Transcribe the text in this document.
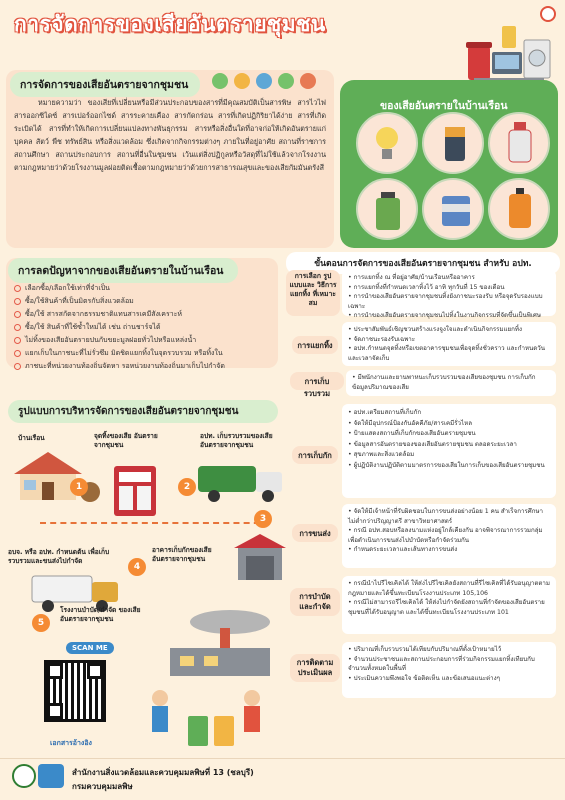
การจัดการของเสียอันตรายชุมชน
การจัดการของเสียอันตรายจากชุมชน
หมายความว่า ของเสียที่เปลี่ยนหรือมีส่วนประกอบของสารที่มีคุณสมบัติเป็นสารพิษ สารไวไฟ สารออกซิไดซ์ สารเปอร์ออกไซด์ สารระคายเคือง สารกัดกร่อน สารที่เกิดปฏิกิริยาได้ง่าย สารที่เกิดระเบิดได้ สารที่ทำให้เกิดการเปลี่ยนแปลงทางพันธุกรรม สารหรือสิ่งอื่นใดที่อาจก่อให้เกิดอันตรายแก่บุคคล สัตว์ พืช ทรัพย์สิน หรือสิ่งแวดล้อม ซึ่งเกิดจากกิจกรรมต่างๆ ภายในที่อยู่อาศัย สถานที่ราชการ สถานศึกษา สถานประกอบการ สถานที่อื่นในชุมชน เว้นแต่สิ่งปฏิกูลหรือวัสดุที่ไม่ใช้แล้วจากโรงงานตามกฎหมายว่าด้วยโรงงานมูลฝอยติดเชื้อตามกฎหมายว่าด้วยการสาธารณสุขและของเสียกัมมันตรังสี
ของเสียอันตรายในบ้านเรือน
การลดปัญหาจากของเสียอันตรายในบ้านเรือน
เลือกซื้อ/เลือกใช้เท่าที่จำเป็น
ซื้อ/ใช้สินค้าที่เป็นมิตรกับสิ่งแวดล้อม
ซื้อ/ใช้ สารสกัดจากธรรมชาติแทนสารเคมีสังเคราะห์
ซื้อ/ใช้ สินค้าที่ใช้ซ้ำใหม่ได้ เช่น ถ่านชาร์จได้
ไม่ทิ้งของเสียอันตรายปนกับขยะมูลฝอยทั่วไปหรือแหล่งน้ำ
แยกเก็บในภาชนะที่ไม่รั่วซึม มิดชิดแยกทิ้งในจุดรวบรวม หรือทิ้งใน
ภาชนะที่หน่วยงานท้องถิ่นจัดหา รอหน่วยงานท้องถิ่นมาเก็บไปกำจัด
รูปแบบการบริหารจัดการของเสียอันตรายจากชุมชน
บ้านเรือน	จุดทิ้งของเสีย อันตรายจากชุมชน
อปท. เก็บรวบรวมของเสีย อันตรายจากชุมชน
1	2
3
อาคารเก็บกักของเสีย อันตรายจากชุมชน
4
อบจ. หรือ อปท. กำหนดต้น เพื่อเก็บรวบรวมและขนส่งไปกำจัด
5
โรงงานบำบัด/กำจัด ของเสียอันตรายจากชุมชน
SCAN ME
เอกสารอ้างอิง
ขั้นตอนการจัดการของเสียอันตรายจากชุมชน สำหรับ อปท.
การเลือก รูปแบบและ วิธีการแยกทิ้ง ที่เหมาะสม
• การแยกทิ้ง ณ ที่อยู่อาศัย/บ้านเรือนหรืออาคาร
• การแยกทิ้งที่กำหนดเวลาทิ้งไว้ อาทิ ทุกวันที่ 15 ของเดือน
• การนำของเสียอันตรายจากชุมชนทิ้งยังภาชนะรองรับ หรือจุดรับรองแบบเฉพาะ
• การนำของเสียอันตรายจากชุมชนไปทิ้งในงานกิจกรรมที่จัดขึ้นเป็นพิเศษ
การแยกทิ้ง
• ประชาสัมพันธ์เชิญชวนสร้างแรงจูงใจและดำเนินกิจกรรมแยกทิ้ง
• จัดภาชนะรองรับเฉพาะ
• อปท.กำหนดจุดทิ้งหรือเขตอาคารชุมชนเพื่อจุดทิ้งชั่วคราว และกำหนดวันและเวลาจัดเก็บ
การเก็บรวบรวม
• มีพนักงานและยานพาหนะเก็บรวบรวมของเสียของชุมชน การเก็บกักข้อมูลปริมาณของเสีย
การเก็บกัก
• อปท.เตรียมสถานที่เก็บกัก
• จัดให้มีอุปกรณ์ป้องกันอัคคีภัย/สารเคมีรั่วไหล
• ป้ายแสดงสถานที่เก็บกักของเสียอันตรายชุมชน
• ข้อมูลสารอันตรายของของเสียอันตรายชุมชน ตลอดระยะเวลา
• สุขภาพและสิ่งแวดล้อม
• ผู้ปฏิบัติงานปฏิบัติตามมาตรการของเสียในการเก็บของเสียอันตรายชุมชน
การขนส่ง
• จัดให้มีเจ้าหน้าที่รับผิดชอบในการขนส่งอย่างน้อย 1 คน สำเร็จการศึกษาไม่ต่ำกว่าปริญญาตรี สาขาวิทยาศาสตร์
• กรณี อปท.สอบหรือลงนามแห่งอยู่ใกล้เคียงกัน อาจพิจารณาการรวมกลุ่มเพื่อดำเนินการขนส่งไปบำบัดหรือกำจัดร่วมกัน
• กำหนดระยะเวลาและเส้นทางการขนส่ง
การบำบัด และกำจัด
• กรณีนำไปรีไซเคิลได้ ให้ส่งไปรีไซเคิลยังสถานที่รีไซเคิลที่ได้รับอนุญาตตามกฎหมายและได้ขึ้นทะเบียนโรงงานประเภท 105,106
• กรณีไม่สามารถรีไซเคิลได้ ให้ส่งไปกำจัดยังสถานที่กำจัดของเสียอันตรายชุมชนที่ได้รับอนุญาต และได้ขึ้นทะเบียนโรงงานประเภท 101
การติดตาม ประเมินผล
• ปริมาณที่เก็บรวบรวมได้เทียบกับปริมาณที่ตั้งเป้าหมายไว้
• จำนวนประชาชนและสถานประกอบการที่ร่วมกิจกรรมแยกทิ้งเทียบกับจำนวนทั้งหมดในพื้นที่
• ประเมินความพึงพอใจ ข้อติดเห็น และข้อเสนอแนะต่างๆ
สำนักงานสิ่งแวดล้อมและควบคุมมลพิษที่ 13 (ชลบุรี)
กรมควบคุมมลพิษ
